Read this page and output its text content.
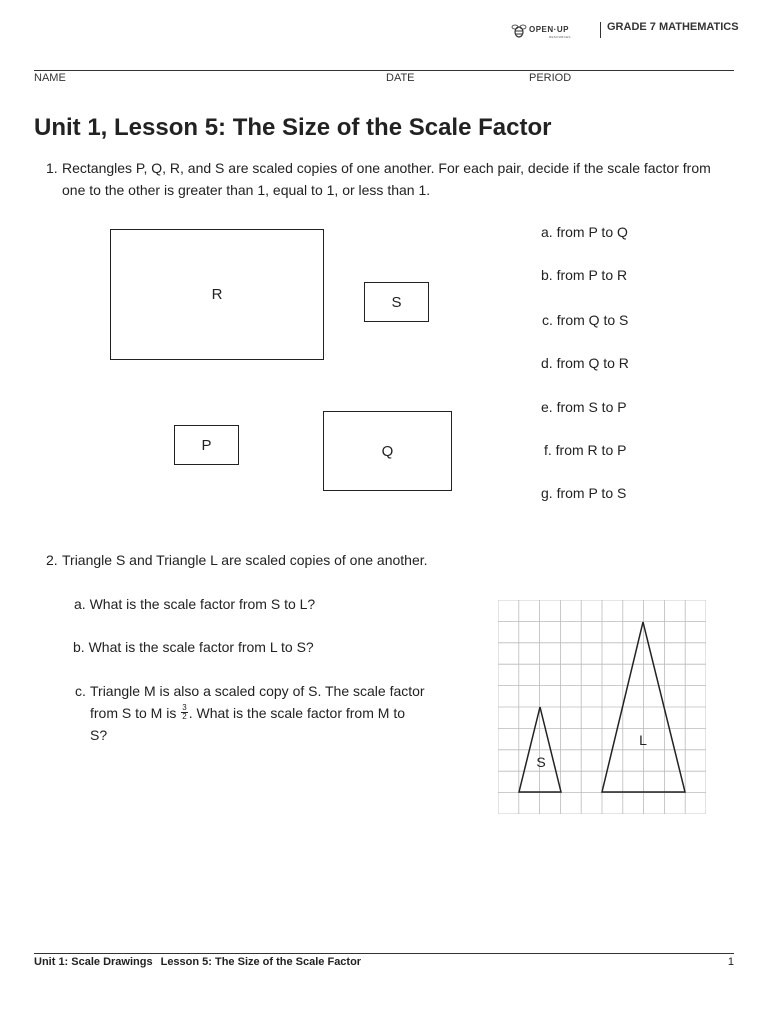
OPEN·UP
RESOURCES
GRADE 7 MATHEMATICS
NAME	DATE	PERIOD
Unit 1, Lesson 5: The Size of the Scale Factor
1. Rectangles P, Q, R, and S are scaled copies of one another. For each pair, decide if the scale factor from one to the other is greater than 1, equal to 1, or less than 1.
R	S
P	Q
a. from P to Q
b. from P to R
c. from Q to S
d. from Q to R
e. from S to P
f. from R to P
g. from P to S
2. Triangle S and Triangle L are scaled copies of one another.
a. What is the scale factor from S to L?
b. What is the scale factor from L to S?
c. Triangle M is also a scaled copy of S. The scale factor
from S to M is $\frac{3}{2}$ . What is the scale factor from M to
S?
S
L
Unit 1: Scale Drawings Lesson 5: The Size of the Scale Factor	1
